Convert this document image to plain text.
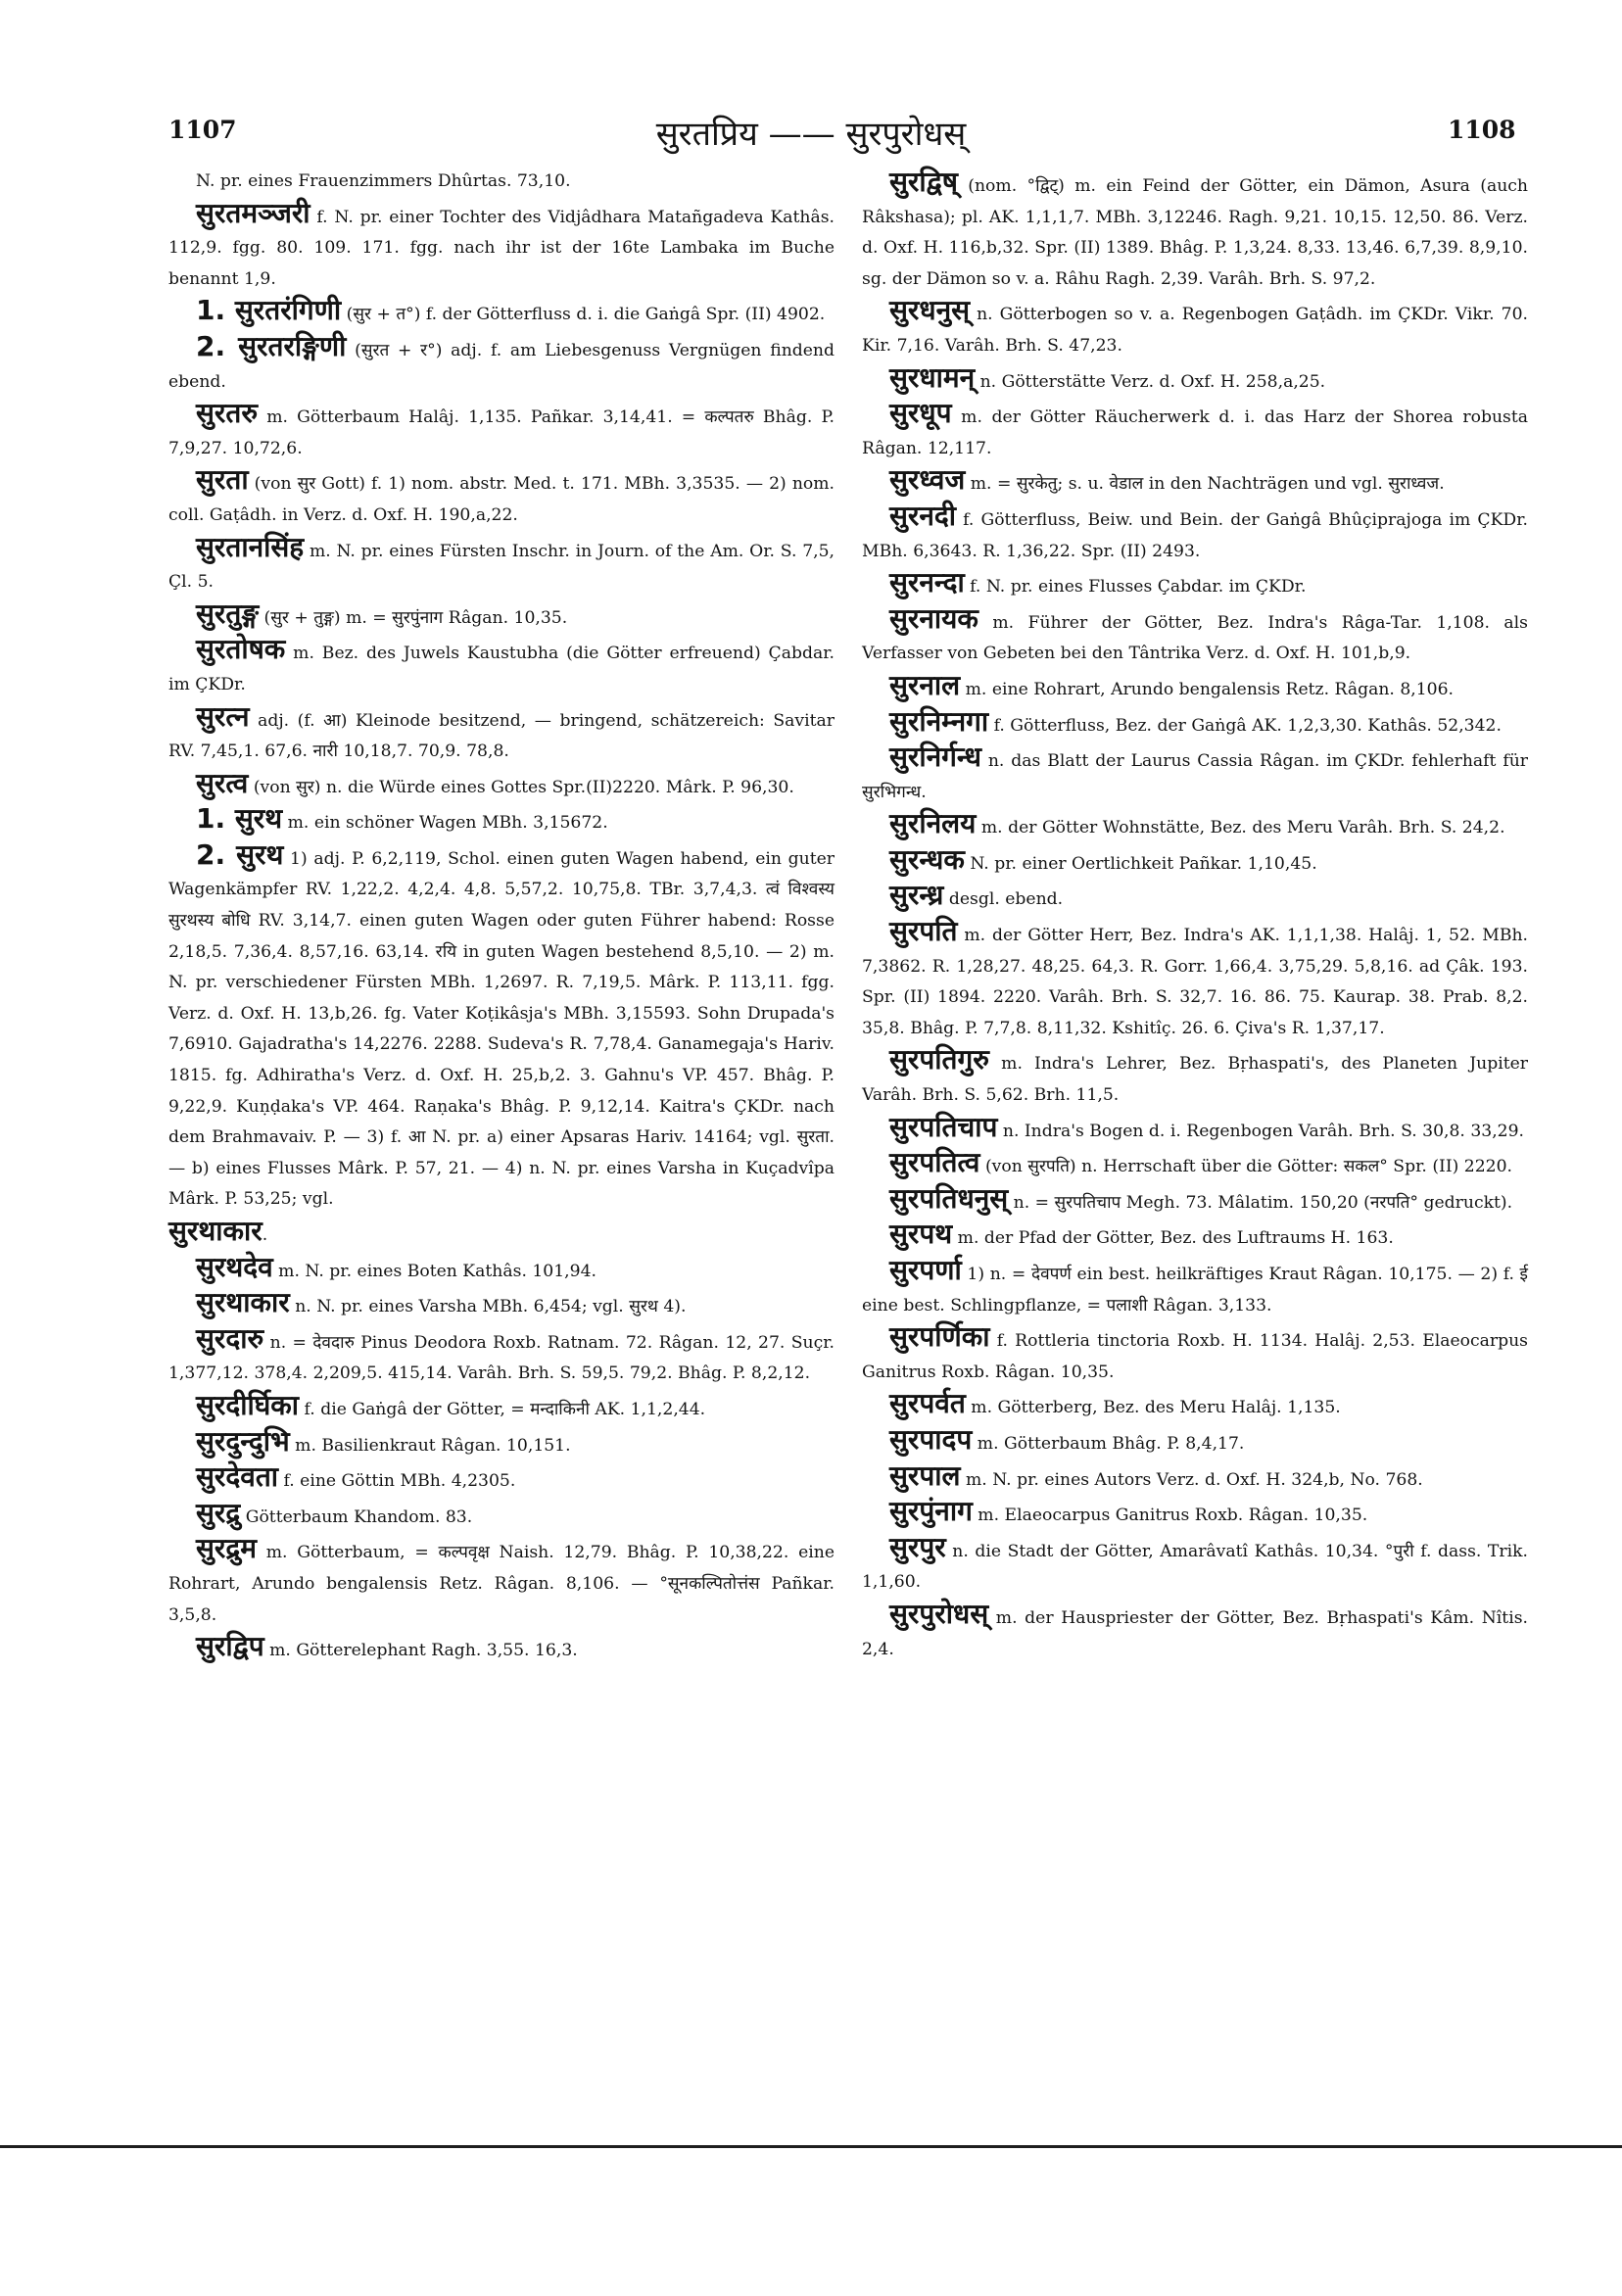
1107	सुरतप्रिय —— सुरपुरोधस्	1108

N. pr. eines Frauenzimmers Dhûrtas. 73,10.

सुरतमञ्जरी f. N. pr. einer Tochter des Vidjâdhara Matañgadeva Kathâs. 112,9. fgg. 80. 109. 171. fgg. nach ihr ist der 16te Lambaka im Buche benannt 1,9.

1. सुरतरंगिणी (सुर + त°) f. der Götterfluss d. i. die Gaṅgâ Spr. (II) 4902.

2. सुरतरङ्गिणी (सुरत + र°) adj. f. am Liebesgenuss Vergnügen findend ebend.

सुरतरु m. Götterbaum Halâj. 1,135. Pañkar. 3,14,41. = कल्पतरु Bhâg. P. 7,9,27. 10,72,6.

सुरता (von सुर Gott) f. 1) nom. abstr. Med. t. 171. MBh. 3,3535. — 2) nom. coll. Gaṭâdh. in Verz. d. Oxf. H. 190,a,22.

सुरतानसिंह m. N. pr. eines Fürsten Inschr. in Journ. of the Am. Or. S. 7,5, Çl. 5.

सुरतुङ्ग (सुर + तुङ्ग) m. = सुरपुंनाग Râgan. 10,35.

सुरतोषक m. Bez. des Juwels Kaustubha (die Götter erfreuend) Çabdar. im ÇKDr.

सुरत्न adj. (f. आ) Kleinode besitzend, — bringend, schätzereich: Savitar RV. 7,45,1. 67,6. नारी 10,18,7. 70,9. 78,8.

सुरत्व (von सुर) n. die Würde eines Gottes Spr.(II)2220. Mârk. P. 96,30.

1. सुरथ m. ein schöner Wagen MBh. 3,15672.

2. सुरथ 1) adj. P. 6,2,119, Schol. einen guten Wagen habend, ein guter Wagenkämpfer RV. 1,22,2. 4,2,4. 4,8. 5,57,2. 10,75,8. TBr. 3,7,4,3. त्वं विश्वस्य सुरथस्य बोधि RV. 3,14,7. einen guten Wagen oder guten Führer habend: Rosse 2,18,5. 7,36,4. 8,57,16. 63,14. रयि in guten Wagen bestehend 8,5,10. — 2) m. N. pr. verschiedener Fürsten MBh. 1,2697. R. 7,19,5. Mârk. P. 113,11. fgg. Verz. d. Oxf. H. 13,b,26. fg. Vater Koṭikâsja's MBh. 3,15593. Sohn Drupada's 7,6910. Gajadratha's 14,2276. 2288. Sudeva's R. 7,78,4. Ganamegaja's Hariv. 1815. fg. Adhiratha's Verz. d. Oxf. H. 25,b,2. 3. Gahnu's VP. 457. Bhâg. P. 9,22,9. Kuṇḍaka's VP. 464. Raṇaka's Bhâg. P. 9,12,14. Kaitra's ÇKDr. nach dem Brahmavaiv. P. — 3) f. आ N. pr. a) einer Apsaras Hariv. 14164; vgl. सुरता. — b) eines Flusses Mârk. P. 57, 21. — 4) n. N. pr. eines Varsha in Kuçadvîpa Mârk. P. 53,25; vgl.

सुरथाकार.

सुरथदेव m. N. pr. eines Boten Kathâs. 101,94.

सुरथाकार n. N. pr. eines Varsha MBh. 6,454; vgl. सुरथ 4).

सुरदारु n. = देवदारु Pinus Deodora Roxb. Ratnam. 72. Râgan. 12, 27. Suçr. 1,377,12. 378,4. 2,209,5. 415,14. Varâh. Brh. S. 59,5. 79,2. Bhâg. P. 8,2,12.

सुरदीर्घिका f. die Gaṅgâ der Götter, = मन्दाकिनी AK. 1,1,2,44.

सुरदुन्दुभि m. Basilienkraut Râgan. 10,151.

सुरदेवता f. eine Göttin MBh. 4,2305.

सुरद्रु Götterbaum Khandom. 83.

सुरद्रुम m. Götterbaum, = कल्पवृक्ष Naish. 12,79. Bhâg. P. 10,38,22. eine Rohrart, Arundo bengalensis Retz. Râgan. 8,106. — °सूनकल्पितोत्तंस Pañkar. 3,5,8.

सुरद्विप m. Götterelephant Ragh. 3,55. 16,3.

सुरद्विष् (nom. °द्विट्) m. ein Feind der Götter, ein Dämon, Asura (auch Râkshasa); pl. AK. 1,1,1,7. MBh. 3,12246. Ragh. 9,21. 10,15. 12,50. 86. Verz. d. Oxf. H. 116,b,32. Spr. (II) 1389. Bhâg. P. 1,3,24. 8,33. 13,46. 6,7,39. 8,9,10. sg. der Dämon so v. a. Râhu Ragh. 2,39. Varâh. Brh. S. 97,2.

सुरधनुस् n. Götterbogen so v. a. Regenbogen Gaṭâdh. im ÇKDr. Vikr. 70. Kir. 7,16. Varâh. Brh. S. 47,23.

सुरधामन् n. Götterstätte Verz. d. Oxf. H. 258,a,25.

सुरधूप m. der Götter Räucherwerk d. i. das Harz der Shorea robusta Râgan. 12,117.

सुरध्वज m. = सुरकेतु; s. u. वेडाल in den Nachträgen und vgl. सुराध्वज.

सुरनदी f. Götterfluss, Beiw. und Bein. der Gaṅgâ Bhûçiprajoga im ÇKDr. MBh. 6,3643. R. 1,36,22. Spr. (II) 2493.

सुरनन्दा f. N. pr. eines Flusses Çabdar. im ÇKDr.

सुरनायक m. Führer der Götter, Bez. Indra's Râga-Tar. 1,108. als Verfasser von Gebeten bei den Tântrika Verz. d. Oxf. H. 101,b,9.

सुरनाल m. eine Rohrart, Arundo bengalensis Retz. Râgan. 8,106.

सुरनिम्नगा f. Götterfluss, Bez. der Gaṅgâ AK. 1,2,3,30. Kathâs. 52,342.

सुरनिर्गन्ध n. das Blatt der Laurus Cassia Râgan. im ÇKDr. fehlerhaft für सुरभिगन्ध.

सुरनिलय m. der Götter Wohnstätte, Bez. des Meru Varâh. Brh. S. 24,2.

सुरन्धक N. pr. einer Oertlichkeit Pañkar. 1,10,45.

सुरन्ध्र desgl. ebend.

सुरपति m. der Götter Herr, Bez. Indra's AK. 1,1,1,38. Halâj. 1, 52. MBh. 7,3862. R. 1,28,27. 48,25. 64,3. R. Gorr. 1,66,4. 3,75,29. 5,8,16. ad Çâk. 193. Spr. (II) 1894. 2220. Varâh. Brh. S. 32,7. 16. 86. 75. Kaurap. 38. Prab. 8,2. 35,8. Bhâg. P. 7,7,8. 8,11,32. Kshitîç. 26. 6. Çiva's R. 1,37,17.

सुरपतिगुरु m. Indra's Lehrer, Bez. Bṛhaspati's, des Planeten Jupiter Varâh. Brh. S. 5,62. Brh. 11,5.

सुरपतिचाप n. Indra's Bogen d. i. Regenbogen Varâh. Brh. S. 30,8. 33,29.

सुरपतित्व (von सुरपति) n. Herrschaft über die Götter: सकल° Spr. (II) 2220.

सुरपतिधनुस् n. = सुरपतिचाप Megh. 73. Mâlatim. 150,20 (नरपति° gedruckt).

सुरपथ m. der Pfad der Götter, Bez. des Luftraums H. 163.

सुरपर्णा 1) n. = देवपर्ण ein best. heilkräftiges Kraut Râgan. 10,175. — 2) f. ई eine best. Schlingpflanze, = पलाशी Râgan. 3,133.

सुरपर्णिका f. Rottleria tinctoria Roxb. H. 1134. Halâj. 2,53. Elaeocarpus Ganitrus Roxb. Râgan. 10,35.

सुरपर्वत m. Götterberg, Bez. des Meru Halâj. 1,135.

सुरपादप m. Götterbaum Bhâg. P. 8,4,17.

सुरपाल m. N. pr. eines Autors Verz. d. Oxf. H. 324,b, No. 768.

सुरपुंनाग m. Elaeocarpus Ganitrus Roxb. Râgan. 10,35.

सुरपुर n. die Stadt der Götter, Amarâvatî Kathâs. 10,34. °पुरी f. dass. Trik. 1,1,60.

सुरपुरोधस् m. der Hauspriester der Götter, Bez. Bṛhaspati's Kâm. Nîtis. 2,4.
